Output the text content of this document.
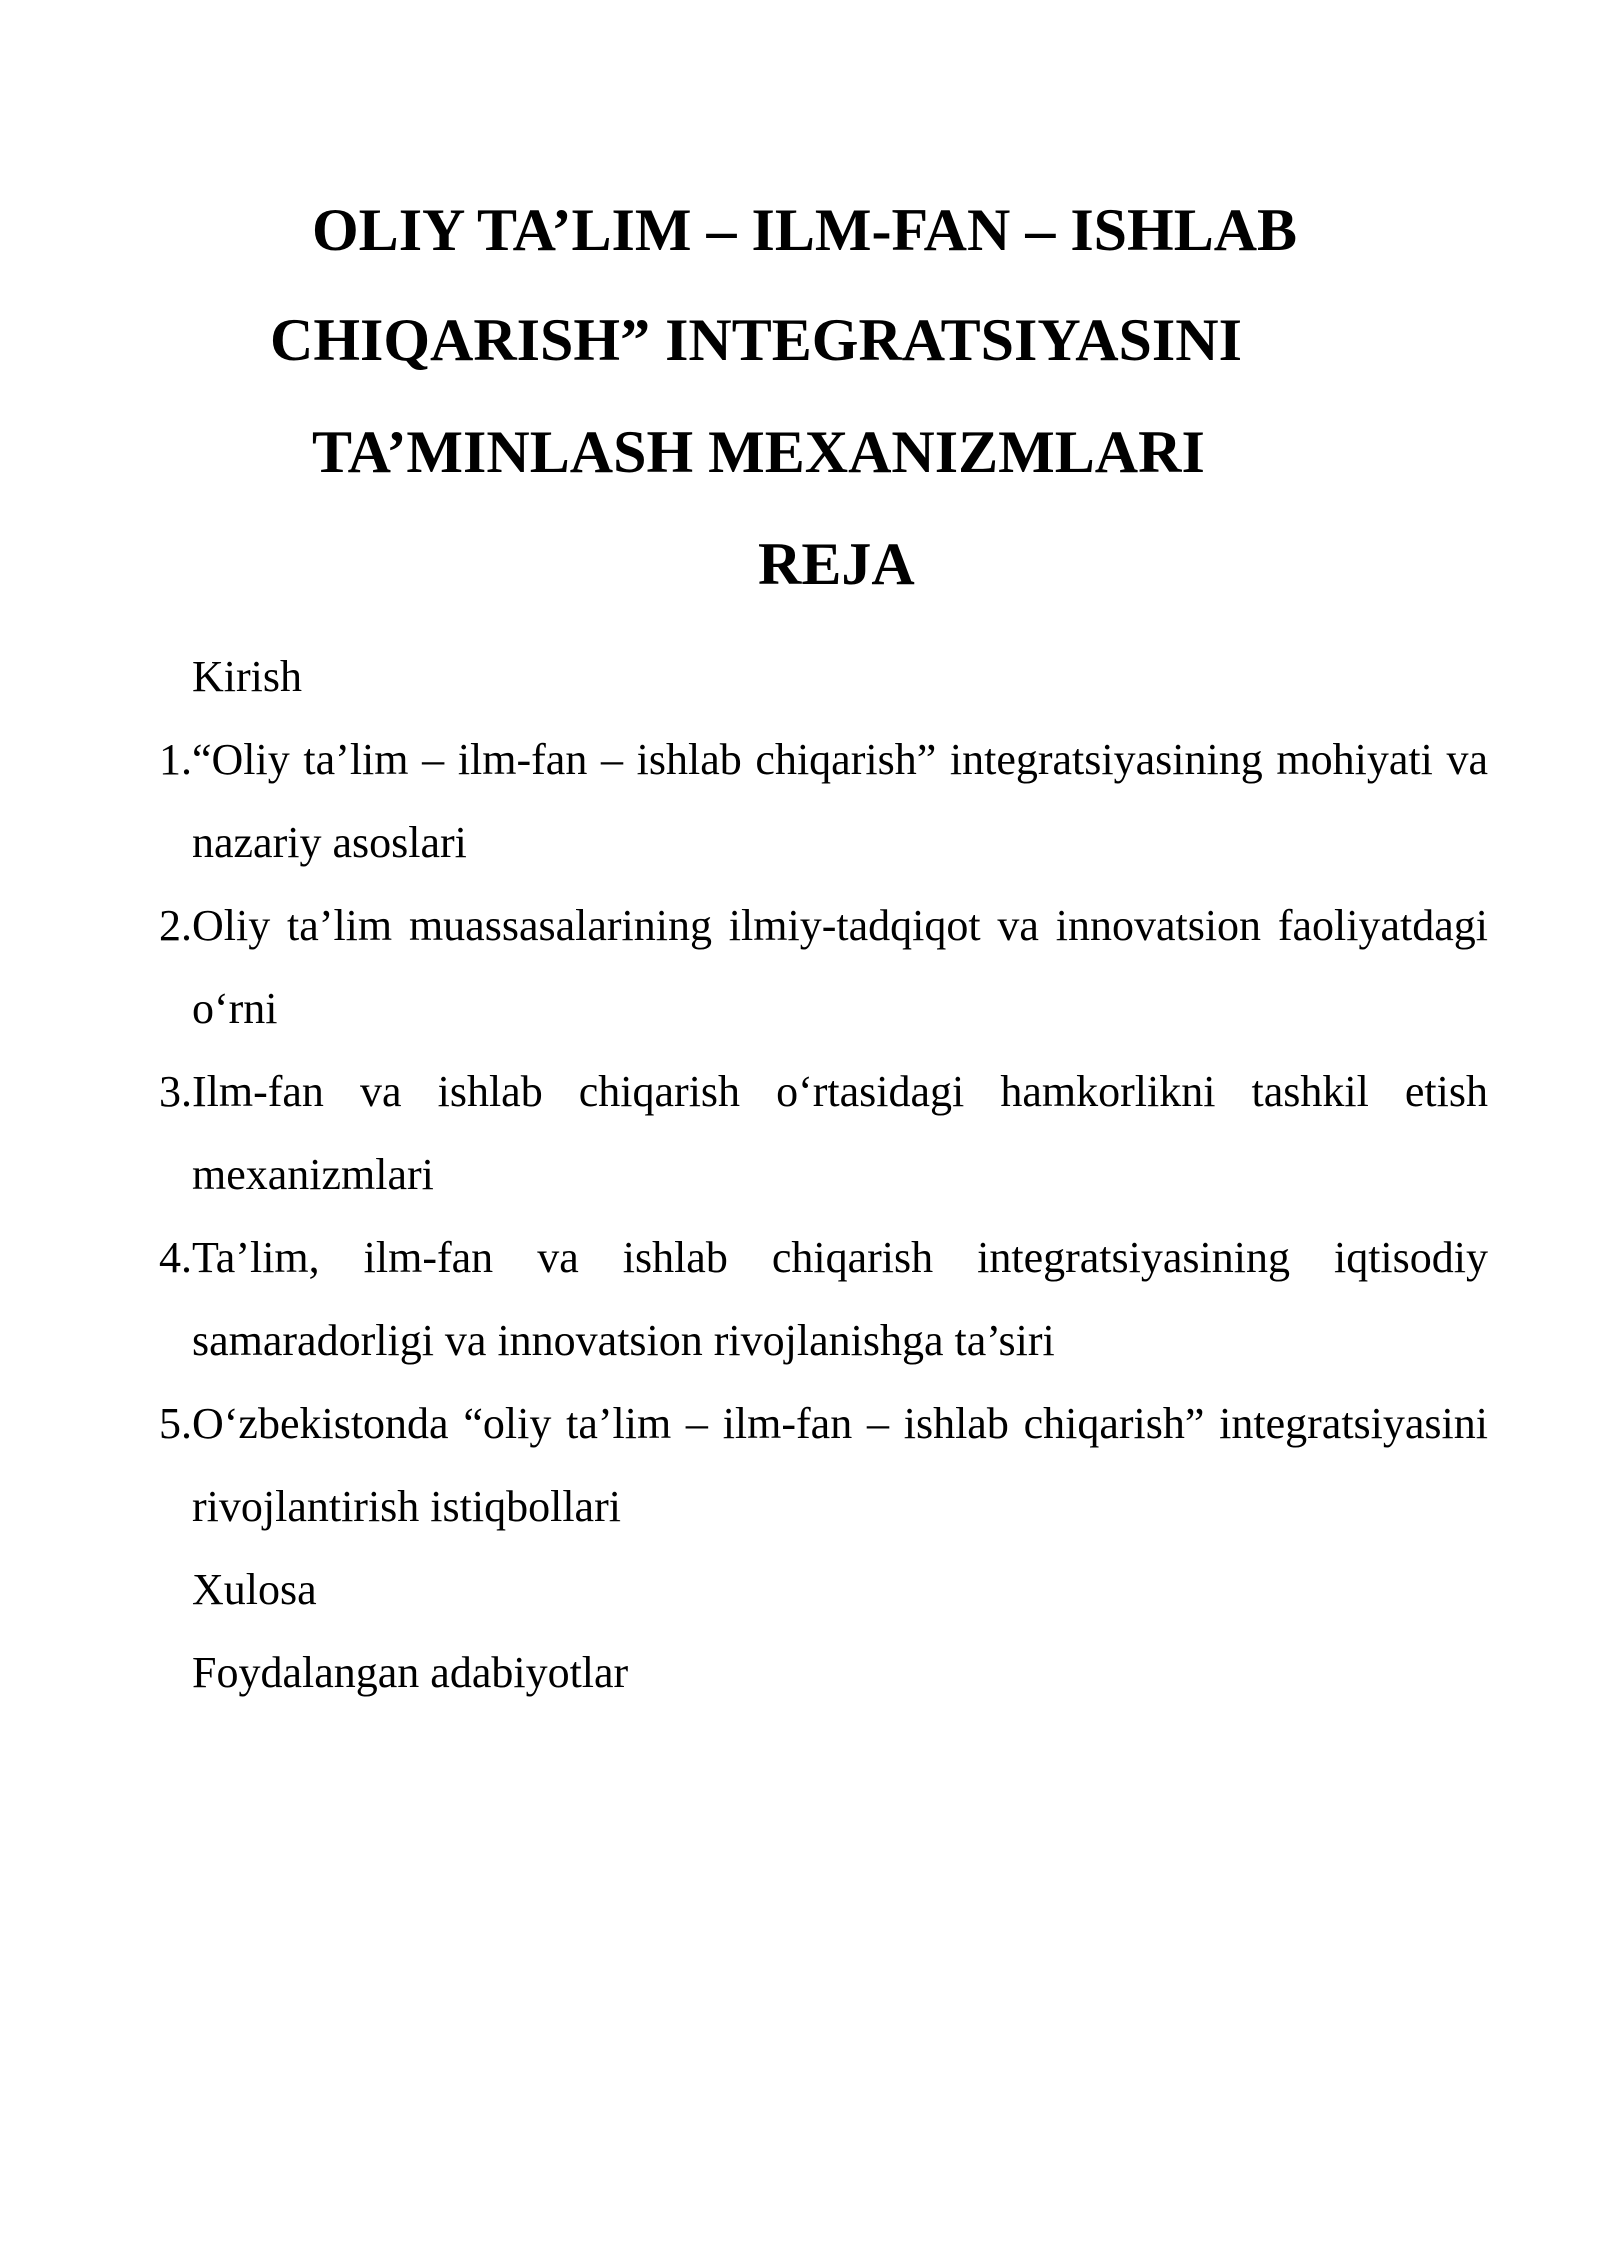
OLIY TA’LIM – ILM-FAN – ISHLAB
CHIQARISH” INTEGRATSIYASINI
TA’MINLASH MEXANIZMLARI
REJA
Kirish
1. “Oliy ta’lim – ilm-fan – ishlab chiqarish” integratsiyasining mohiyati va nazariy asoslari
2. Oliy ta’lim muassasalarining ilmiy-tadqiqot va innovatsion faoliyatdagi o‘rni
3. Ilm-fan va ishlab chiqarish o‘rtasidagi hamkorlikni tashkil etish mexanizmlari
4. Ta’lim, ilm-fan va ishlab chiqarish integratsiyasining iqtisodiy samaradorligi va innovatsion rivojlanishga ta’siri
5. O‘zbekistonda “oliy ta’lim – ilm-fan – ishlab chiqarish” integratsiyasini rivojlantirish istiqbollari
Xulosa
Foydalangan adabiyotlar
